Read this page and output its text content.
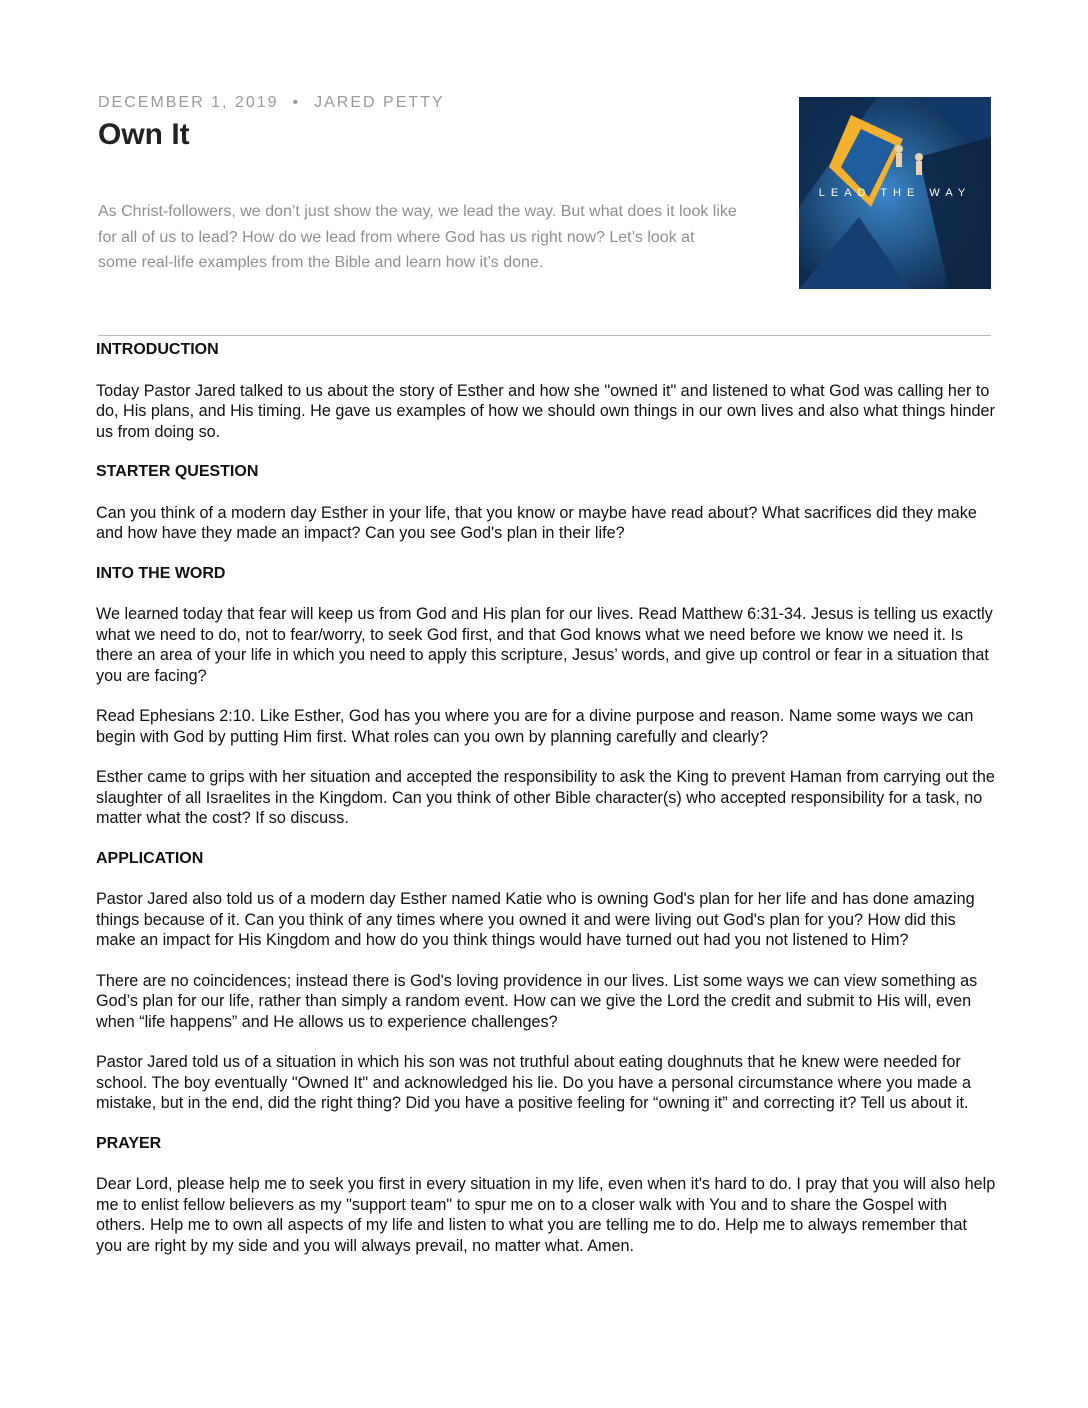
DECEMBER 1, 2019 • JARED PETTY
Own It

As Christ-followers, we don’t just show the way, we lead the way. But what does it look like for all of us to lead? How do we lead from where God has us right now? Let’s look at some real-life examples from the Bible and learn how it’s done.

LEAD THE WAY
INTRODUCTION

Today Pastor Jared talked to us about the story of Esther and how she "owned it" and listened to what God was calling her to do, His plans, and His timing. He gave us examples of how we should own things in our own lives and also what things hinder us from doing so.

STARTER QUESTION

Can you think of a modern day Esther in your life, that you know or maybe have read about? What sacrifices did they make and how have they made an impact? Can you see God's plan in their life?

INTO THE WORD

We learned today that fear will keep us from God and His plan for our lives. Read Matthew 6:31-34. Jesus is telling us exactly what we need to do, not to fear/worry, to seek God first, and that God knows what we need before we know we need it. Is there an area of your life in which you need to apply this scripture, Jesus’ words, and give up control or fear in a situation that you are facing?

Read Ephesians 2:10. Like Esther, God has you where you are for a divine purpose and reason. Name some ways we can begin with God by putting Him first. What roles can you own by planning carefully and clearly?

Esther came to grips with her situation and accepted the responsibility to ask the King to prevent Haman from carrying out the slaughter of all Israelites in the Kingdom. Can you think of other Bible character(s) who accepted responsibility for a task, no matter what the cost? If so discuss.

APPLICATION

Pastor Jared also told us of a modern day Esther named Katie who is owning God's plan for her life and has done amazing things because of it. Can you think of any times where you owned it and were living out God's plan for you? How did this make an impact for His Kingdom and how do you think things would have turned out had you not listened to Him?

There are no coincidences; instead there is God's loving providence in our lives. List some ways we can view something as God’s plan for our life, rather than simply a random event. How can we give the Lord the credit and submit to His will, even when “life happens” and He allows us to experience challenges?

Pastor Jared told us of a situation in which his son was not truthful about eating doughnuts that he knew were needed for school. The boy eventually "Owned It" and acknowledged his lie. Do you have a personal circumstance where you made a mistake, but in the end, did the right thing? Did you have a positive feeling for “owning it” and correcting it? Tell us about it.

PRAYER

Dear Lord, please help me to seek you first in every situation in my life, even when it's hard to do. I pray that you will also help me to enlist fellow believers as my "support team" to spur me on to a closer walk with You and to share the Gospel with others. Help me to own all aspects of my life and listen to what you are telling me to do. Help me to always remember that you are right by my side and you will always prevail, no matter what. Amen.
